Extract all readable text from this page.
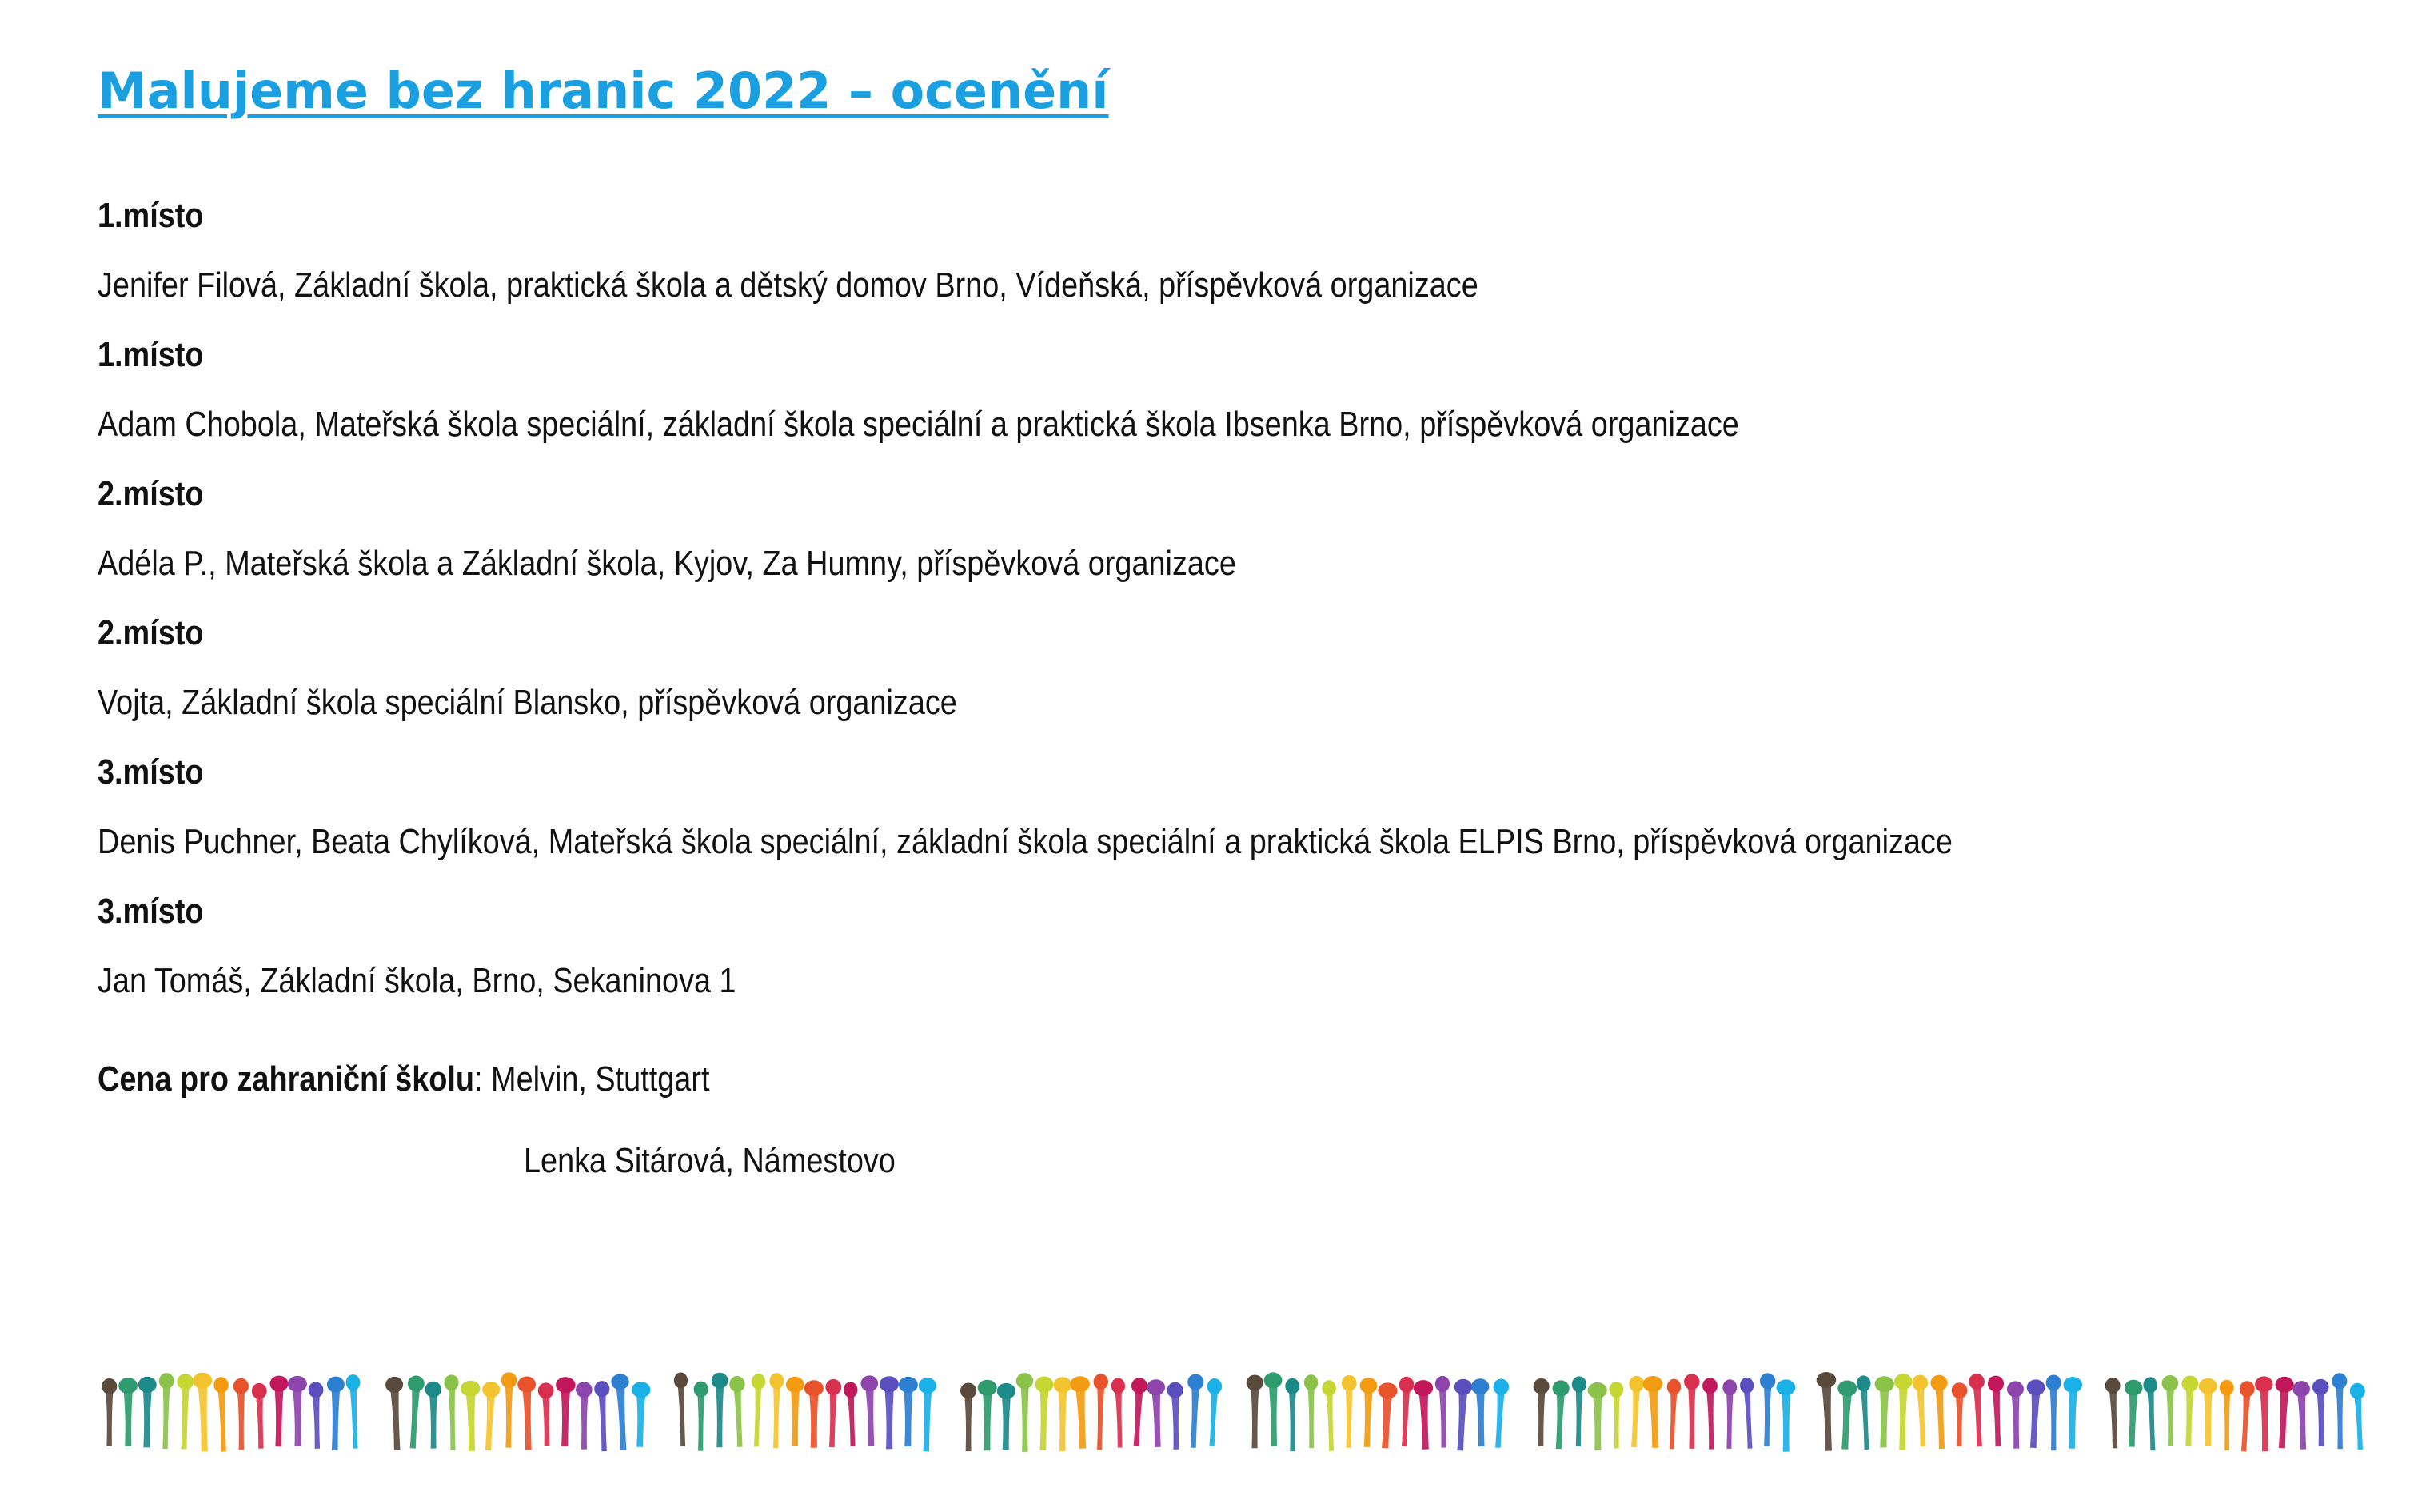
Malujeme bez hranic 2022 – ocenění
1.místo
Jenifer Filová, Základní škola, praktická škola a dětský domov Brno, Vídeňská, příspěvková organizace
1.místo
Adam Chobola, Mateřská škola speciální, základní škola speciální a praktická škola Ibsenka Brno, příspěvková organizace
2.místo
Adéla P., Mateřská škola a Základní škola, Kyjov, Za Humny, příspěvková organizace
2.místo
Vojta, Základní škola speciální Blansko, příspěvková organizace
3.místo
Denis Puchner, Beata Chylíková, Mateřská škola speciální, základní škola speciální a praktická škola ELPIS Brno, příspěvková organizace
3.místo
Jan Tomáš, Základní škola, Brno, Sekaninova 1
Cena pro zahraniční školu: Melvin, Stuttgart
Lenka Sitárová, Námestovo
